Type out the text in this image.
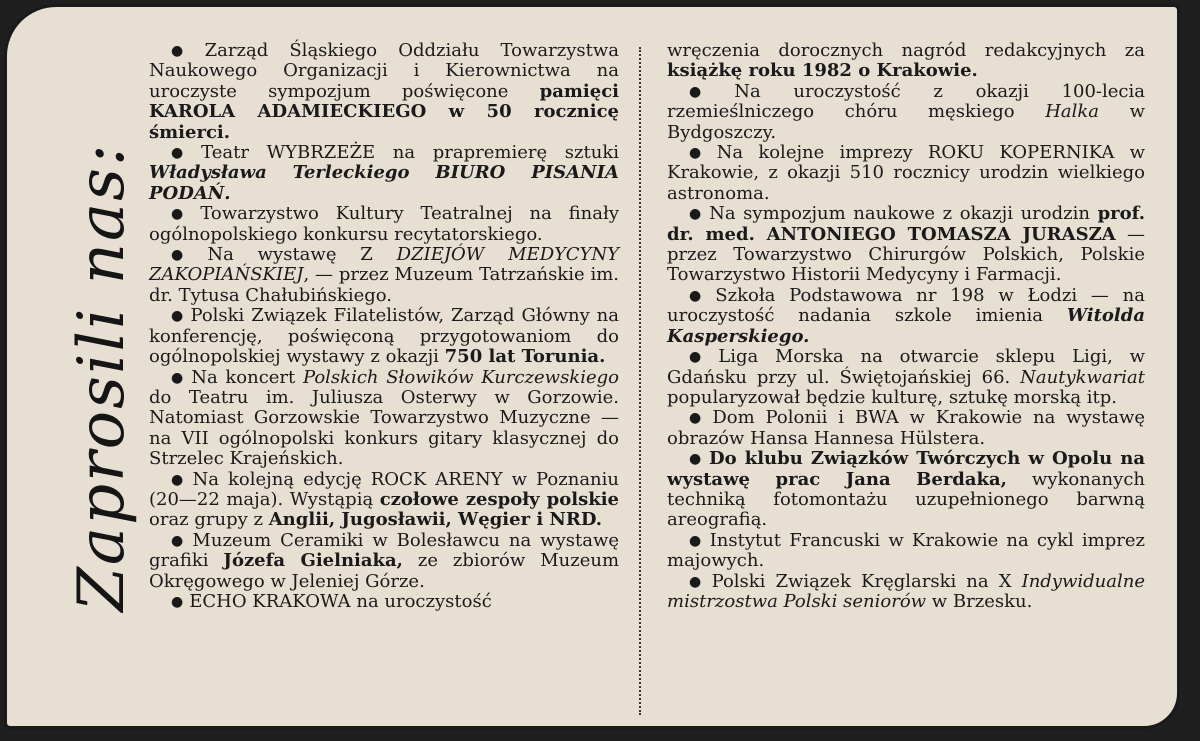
Zaprosili nas:

● Zarząd Śląskiego Oddziału Towarzystwa Naukowego Organizacji i Kierownictwa na uroczyste sympozjum poświęcone pamięci KAROLA ADAMIECKIEGO w 50 rocznicę śmierci.

● Teatr WYBRZEŻE na prapremierę sztuki Władysława Terleckiego BIURO PISANIA PODAŃ.

● Towarzystwo Kultury Teatralnej na finały ogólnopolskiego konkursu recytatorskiego.

● Na wystawę Z DZIEJÓW MEDYCYNY ZAKOPIAŃSKIEJ, — przez Muzeum Tatrzańskie im. dr. Tytusa Chałubińskiego.

● Polski Związek Filatelistów, Zarząd Główny na konferencję, poświęconą przygotowaniom do ogólnopolskiej wystawy z okazji 750 lat Torunia.

● Na koncert Polskich Słowików Kurczewskiego do Teatru im. Juliusza Osterwy w Gorzowie. Natomiast Gorzowskie Towarzystwo Muzyczne — na VII ogólnopolski konkurs gitary klasycznej do Strzelec Krajeńskich.

● Na kolejną edycję ROCK ARENY w Poznaniu (20—22 maja). Wystąpią czołowe zespoły polskie oraz grupy z Anglii, Jugosławii, Węgier i NRD.

● Muzeum Ceramiki w Bolesławcu na wystawę grafiki Józefa Gielniaka, ze zbiorów Muzeum Okręgowego w Jeleniej Górze.

● ECHO KRAKOWA na uroczystość

wręczenia dorocznych nagród redakcyjnych za książkę roku 1982 o Krakowie.

● Na uroczystość z okazji 100-lecia rzemieślniczego chóru męskiego Halka w Bydgoszczy.

● Na kolejne imprezy ROKU KOPERNIKA w Krakowie, z okazji 510 rocznicy urodzin wielkiego astronoma.

● Na sympozjum naukowe z okazji urodzin prof. dr. med. ANTONIEGO TOMASZA JURASZA — przez Towarzystwo Chirurgów Polskich, Polskie Towarzystwo Historii Medycyny i Farmacji.

● Szkoła Podstawowa nr 198 w Łodzi — na uroczystość nadania szkole imienia Witolda Kasperskiego.

● Liga Morska na otwarcie sklepu Ligi, w Gdańsku przy ul. Świętojańskiej 66. Nautykwariat popularyzował będzie kulturę, sztukę morską itp.

● Dom Polonii i BWA w Krakowie na wystawę obrazów Hansa Hannesa Hülstera.

● Do klubu Związków Twórczych w Opolu na wystawę prac Jana Berdaka, wykonanych techniką fotomontażu uzupełnionego barwną areografią.

● Instytut Francuski w Krakowie na cykl imprez majowych.

● Polski Związek Kręglarski na X Indywidualne mistrzostwa Polski seniorów w Brzesku.
